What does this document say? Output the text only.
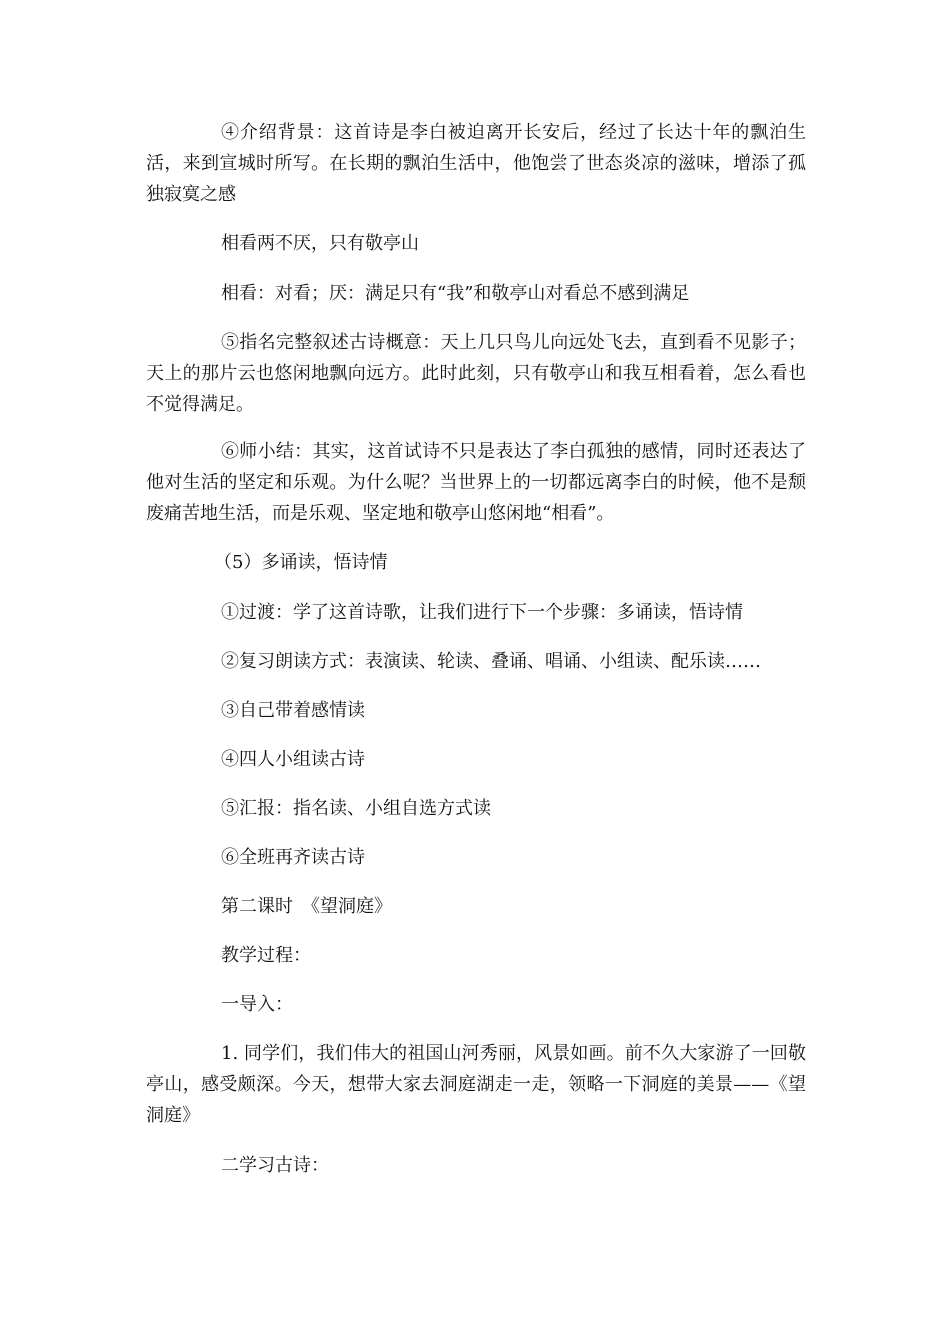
④介绍背景：这首诗是李白被迫离开长安后，经过了长达十年的飘泊生活，来到宣城时所写。在长期的飘泊生活中，他饱尝了世态炎凉的滋味，增添了孤独寂寞之感

相看两不厌，只有敬亭山

相看：对看；厌：满足只有“我”和敬亭山对看总不感到满足

⑤指名完整叙述古诗概意：天上几只鸟儿向远处飞去，直到看不见影子；天上的那片云也悠闲地飘向远方。此时此刻，只有敬亭山和我互相看着，怎么看也不觉得满足。

⑥师小结：其实，这首试诗不只是表达了李白孤独的感情，同时还表达了他对生活的坚定和乐观。为什么呢？当世界上的一切都远离李白的时候，他不是颓废痛苦地生活，而是乐观、坚定地和敬亭山悠闲地“相看”。

（5）多诵读，悟诗情

①过渡：学了这首诗歌，让我们进行下一个步骤：多诵读，悟诗情

②复习朗读方式：表演读、轮读、叠诵、唱诵、小组读、配乐读……

③自己带着感情读

④四人小组读古诗

⑤汇报：指名读、小组自选方式读

⑥全班再齐读古诗

第二课时　《望洞庭》

教学过程：

一导入：

1. 同学们，我们伟大的祖国山河秀丽，风景如画。前不久大家游了一回敬亭山，感受颇深。今天，想带大家去洞庭湖走一走，领略一下洞庭的美景——《望洞庭》

二学习古诗：
